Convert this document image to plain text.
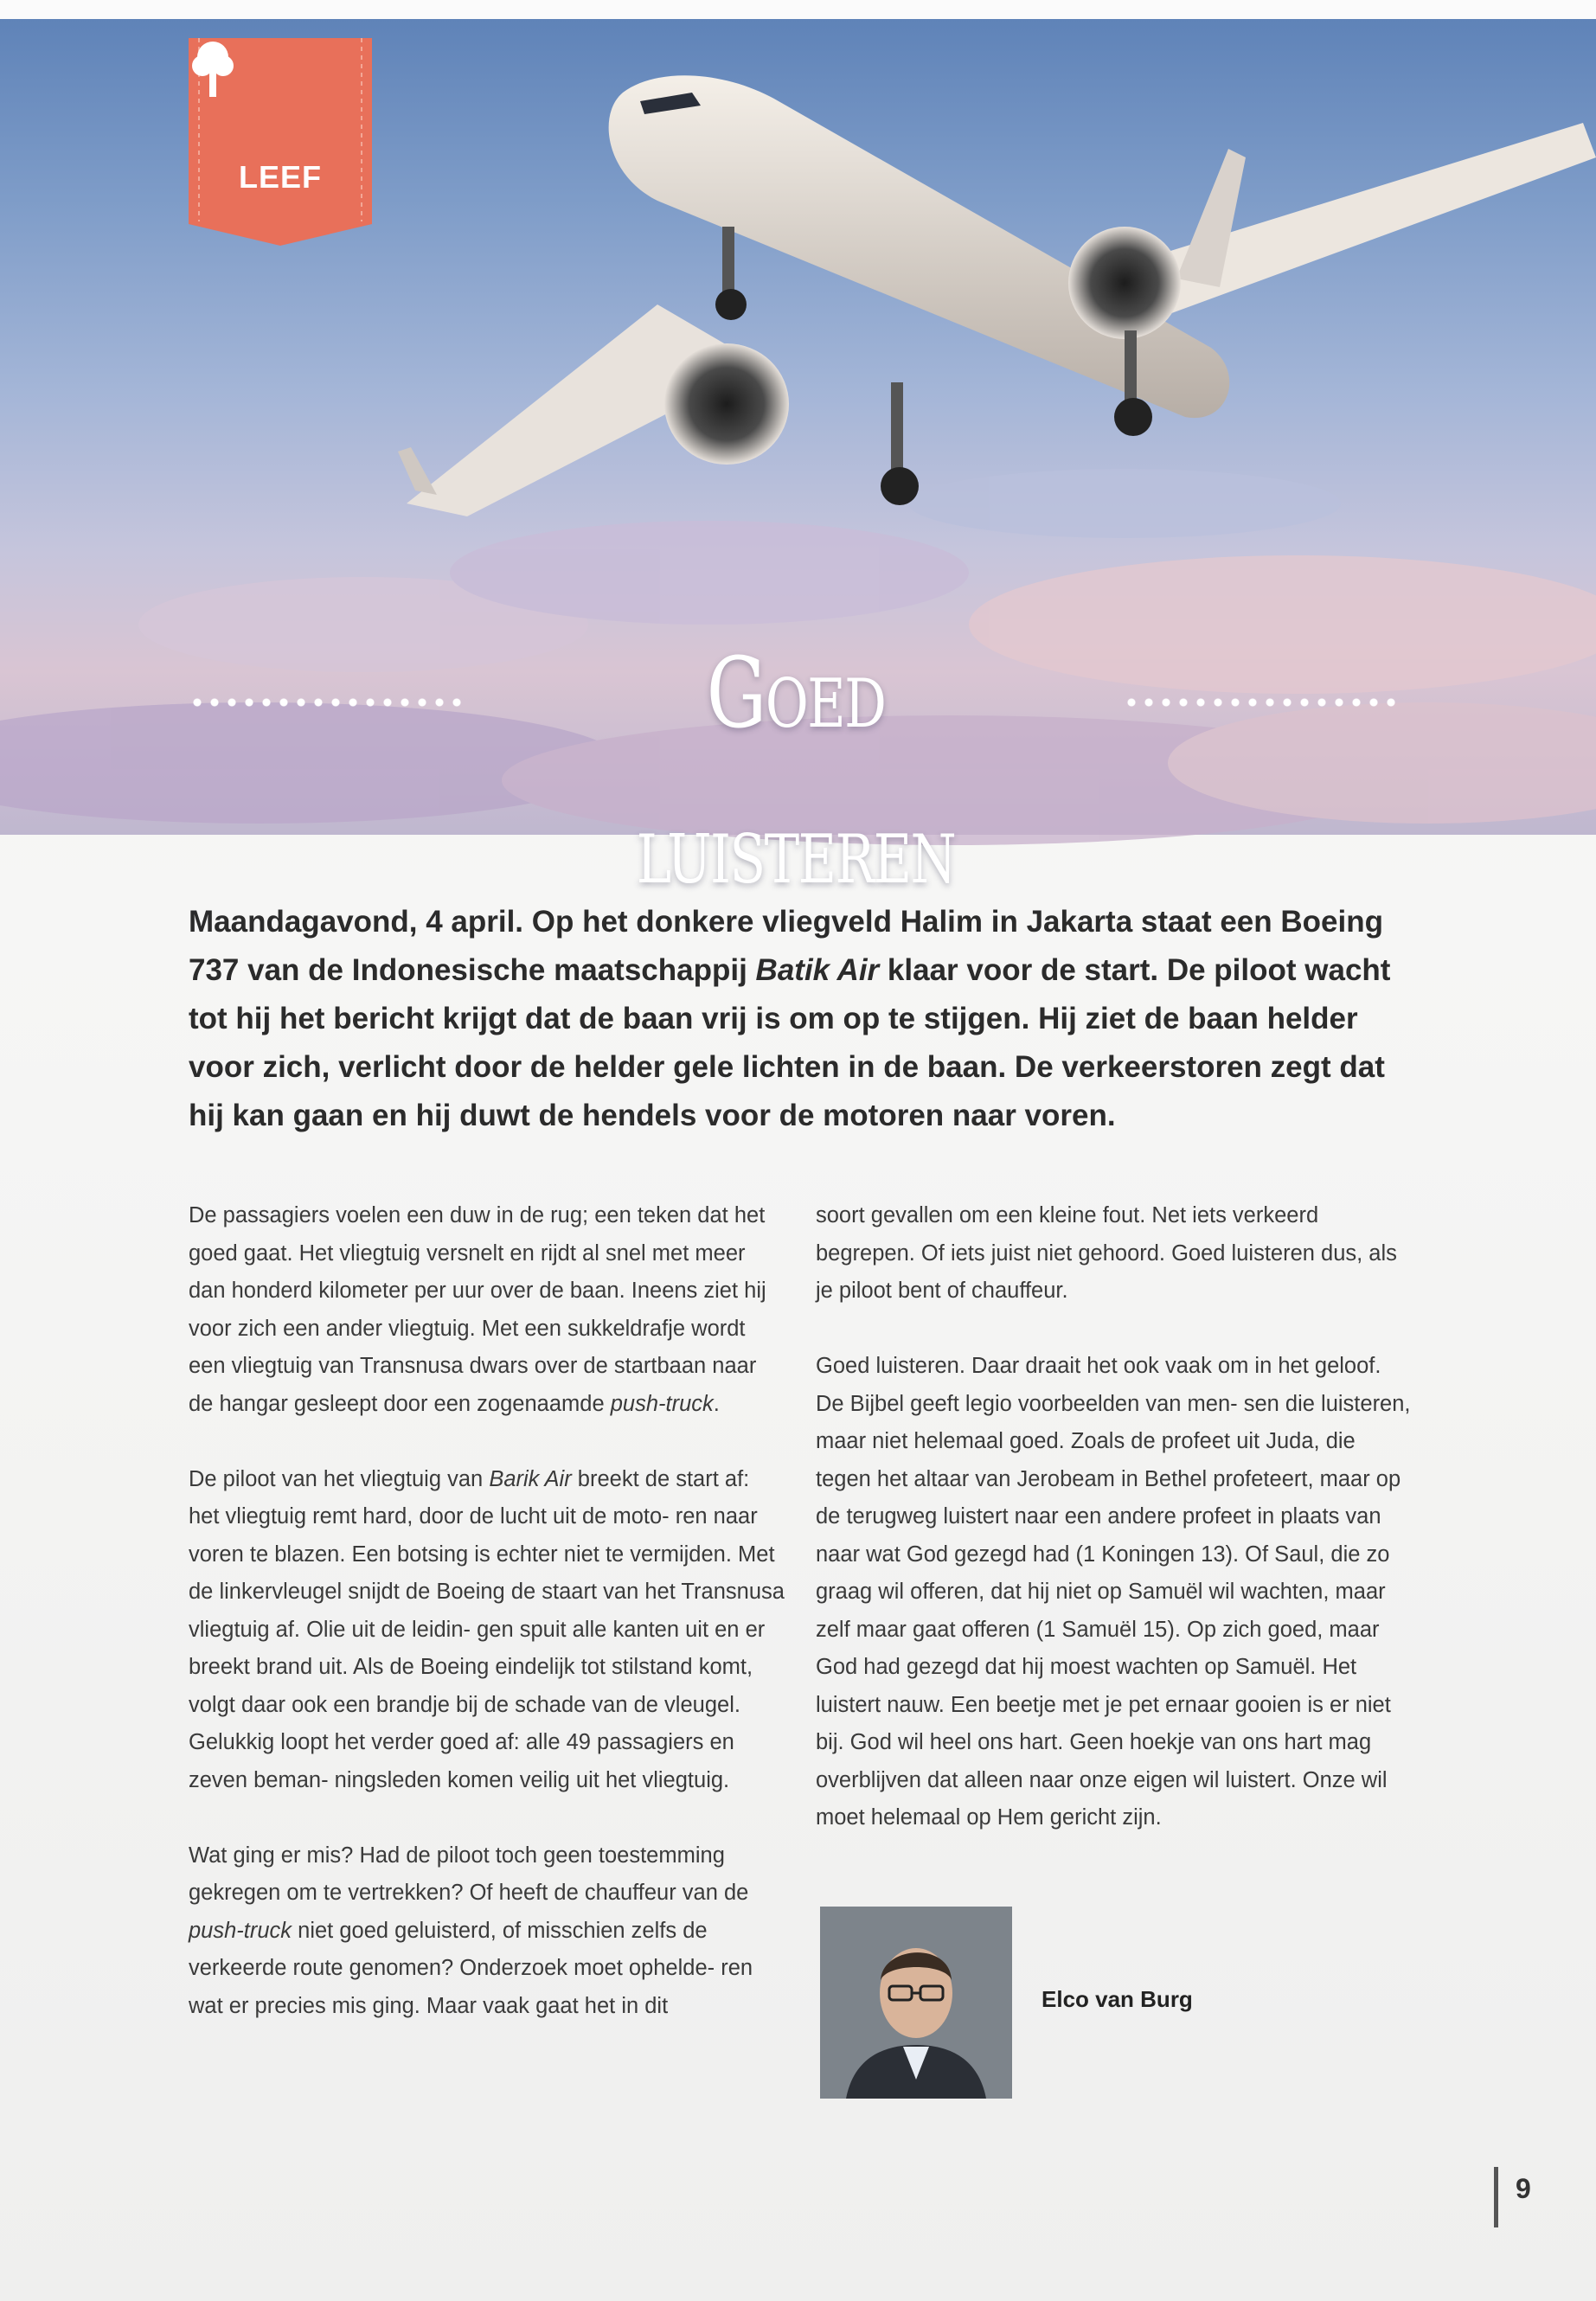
LEEF
Goed luisteren
Maandagavond, 4 april. Op het donkere vliegveld Halim in Jakarta staat een Boeing 737 van de Indonesische maatschappij Batik Air klaar voor de start. De piloot wacht tot hij het bericht krijgt dat de baan vrij is om op te stijgen. Hij ziet de baan helder voor zich, verlicht door de helder gele lichten in de baan. De verkeerstoren zegt dat hij kan gaan en hij duwt de hendels voor de motoren naar voren.

De passagiers voelen een duw in de rug; een teken dat het goed gaat. Het vliegtuig versnelt en rijdt al snel met meer dan honderd kilometer per uur over de baan. Ineens ziet hij voor zich een ander vliegtuig. Met een sukkeldrafje wordt een vliegtuig van Transnusa dwars over de startbaan naar de hangar gesleept door een zogenaamde push-truck.

De piloot van het vliegtuig van Barik Air breekt de start af: het vliegtuig remt hard, door de lucht uit de moto- ren naar voren te blazen. Een botsing is echter niet te vermijden. Met de linkervleugel snijdt de Boeing de staart van het Transnusa vliegtuig af. Olie uit de leidin- gen spuit alle kanten uit en er breekt brand uit. Als de Boeing eindelijk tot stilstand komt, volgt daar ook een brandje bij de schade van de vleugel. Gelukkig loopt het verder goed af: alle 49 passagiers en zeven beman- ningsleden komen veilig uit het vliegtuig.

Wat ging er mis? Had de piloot toch geen toestemming gekregen om te vertrekken? Of heeft de chauffeur van de push-truck niet goed geluisterd, of misschien zelfs de verkeerde route genomen? Onderzoek moet ophelde- ren wat er precies mis ging. Maar vaak gaat het in dit

soort gevallen om een kleine fout. Net iets verkeerd begrepen. Of iets juist niet gehoord. Goed luisteren dus, als je piloot bent of chauffeur.

Goed luisteren. Daar draait het ook vaak om in het geloof. De Bijbel geeft legio voorbeelden van men- sen die luisteren, maar niet helemaal goed. Zoals de profeet uit Juda, die tegen het altaar van Jerobeam in Bethel profeteert, maar op de terugweg luistert naar een andere profeet in plaats van naar wat God gezegd had (1 Koningen 13). Of Saul, die zo graag wil offeren, dat hij niet op Samuël wil wachten, maar zelf maar gaat offeren (1 Samuël 15). Op zich goed, maar God had gezegd dat hij moest wachten op Samuël. Het luistert nauw. Een beetje met je pet ernaar gooien is er niet bij. God wil heel ons hart. Geen hoekje van ons hart mag overblijven dat alleen naar onze eigen wil luistert. Onze wil moet helemaal op Hem gericht zijn.

Elco van Burg
9
